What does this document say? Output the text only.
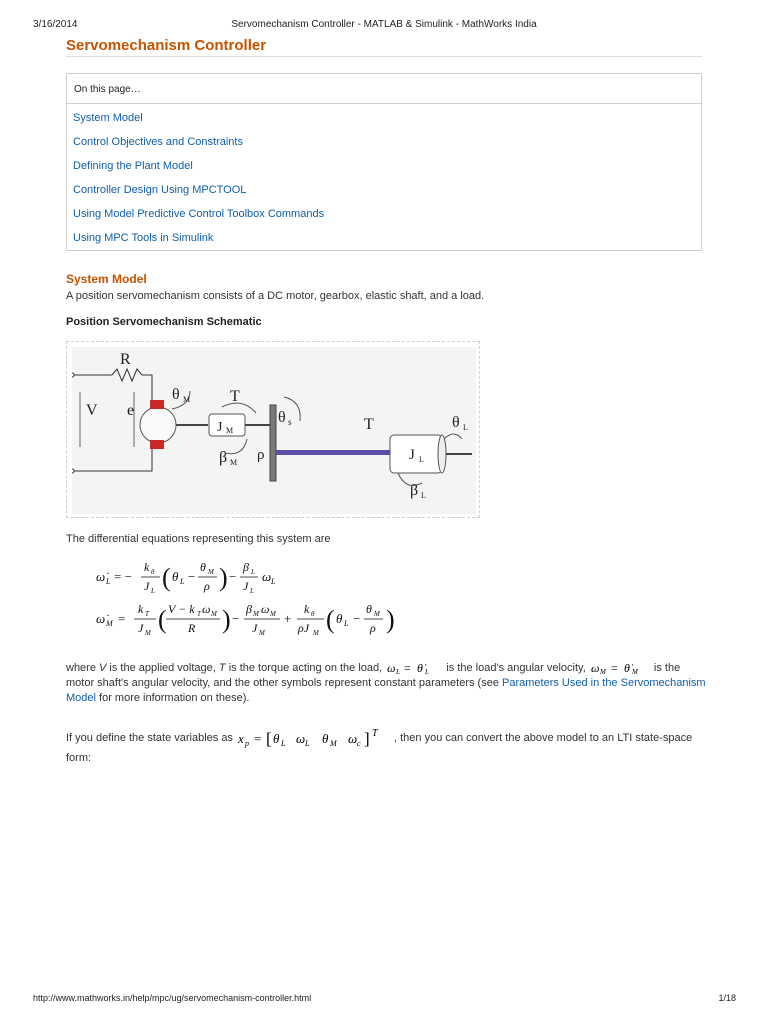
3/16/2014	Servomechanism Controller - MATLAB & Simulink - MathWorks India
Servomechanism Controller
On this page…
System Model
Control Objectives and Constraints
Defining the Plant Model
Controller Design Using MPCTOOL
Using Model Predictive Control Toolbox Commands
Using MPC Tools in Simulink
System Model
A position servomechanism consists of a DC motor, gearbox, elastic shaft, and a load.
Position Servomechanism Schematic
R
V e
θ M
J M
T
β M
θ s
ρ
T
J L
θ L
β L
The differential equations representing this system are
ω̇ L = −
k θ
J L ( θ L −
θ M
ρ ) −
β L
J L
ω L
ω̇ M =
k T
J M ( V − k T ω M
R ) −
β M ω M
J M
+
k θ
ρJ M ( θ L −
θ M
ρ )
where V is the applied voltage, T is the torque acting on the load, ω L = θ̇ L is the load's angular velocity, ω M = θ̇ M is the motor shaft's angular velocity, and the other symbols represent constant parameters (see Parameters Used in the Servomechanism Model for more information on these).
If you define the state variables as x p = [ θ L ω L θ M ω c ] T , then you can convert the above model to an LTI state-space form:
http://www.mathworks.in/help/mpc/ug/servomechanism-controller.html	1/18
